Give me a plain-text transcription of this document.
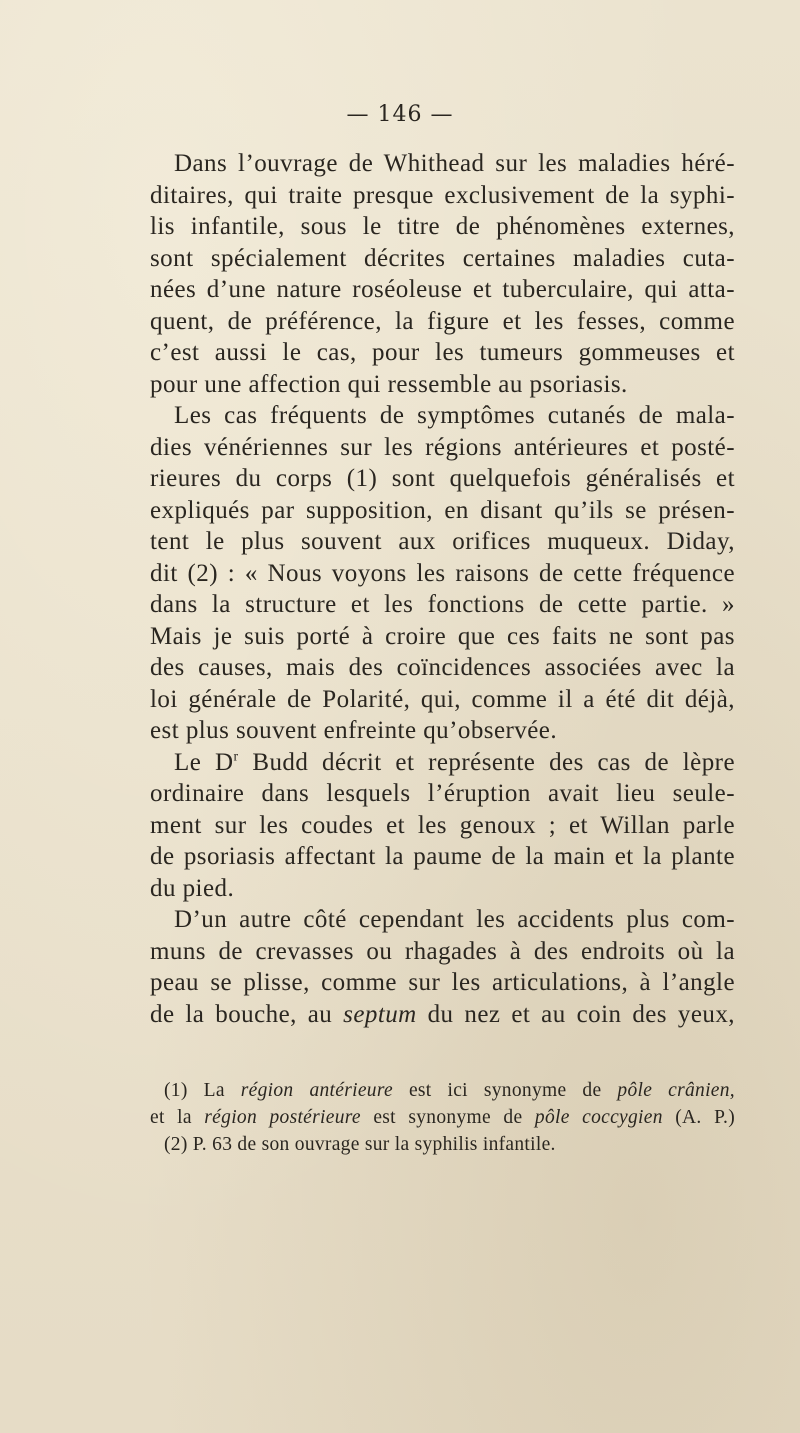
— 146 —
Dans l’ouvrage de Whithead sur les maladies héré-
ditaires, qui traite presque exclusivement de la syphi-
lis infantile, sous le titre de phénomènes externes,
sont spécialement décrites certaines maladies cuta-
nées d’une nature roséoleuse et tuberculaire, qui atta-
quent, de préférence, la figure et les fesses, comme
c’est aussi le cas, pour les tumeurs gommeuses et
pour une affection qui ressemble au psoriasis.
Les cas fréquents de symptômes cutanés de mala-
dies vénériennes sur les régions antérieures et posté-
rieures du corps (1) sont quelquefois généralisés et
expliqués par supposition, en disant qu’ils se présen-
tent le plus souvent aux orifices muqueux. Diday,
dit (2) : « Nous voyons les raisons de cette fréquence
dans la structure et les fonctions de cette partie. »
Mais je suis porté à croire que ces faits ne sont pas
des causes, mais des coïncidences associées avec la
loi générale de Polarité, qui, comme il a été dit déjà,
est plus souvent enfreinte qu’observée.
Le $D^r$ Budd décrit et représente des cas de lèpre
ordinaire dans lesquels l’éruption avait lieu seule-
ment sur les coudes et les genoux ; et Willan parle
de psoriasis affectant la paume de la main et la plante
du pied.
D’un autre côté cependant les accidents plus com-
muns de crevasses ou rhagades à des endroits où la
peau se plisse, comme sur les articulations, à l’angle
de la bouche, au septum du nez et au coin des yeux,
(1) La région antérieure est ici synonyme de pôle crânien,
et la région postérieure est synonyme de pôle coccygien (A. P.)
(2) P. 63 de son ouvrage sur la syphilis infantile.
